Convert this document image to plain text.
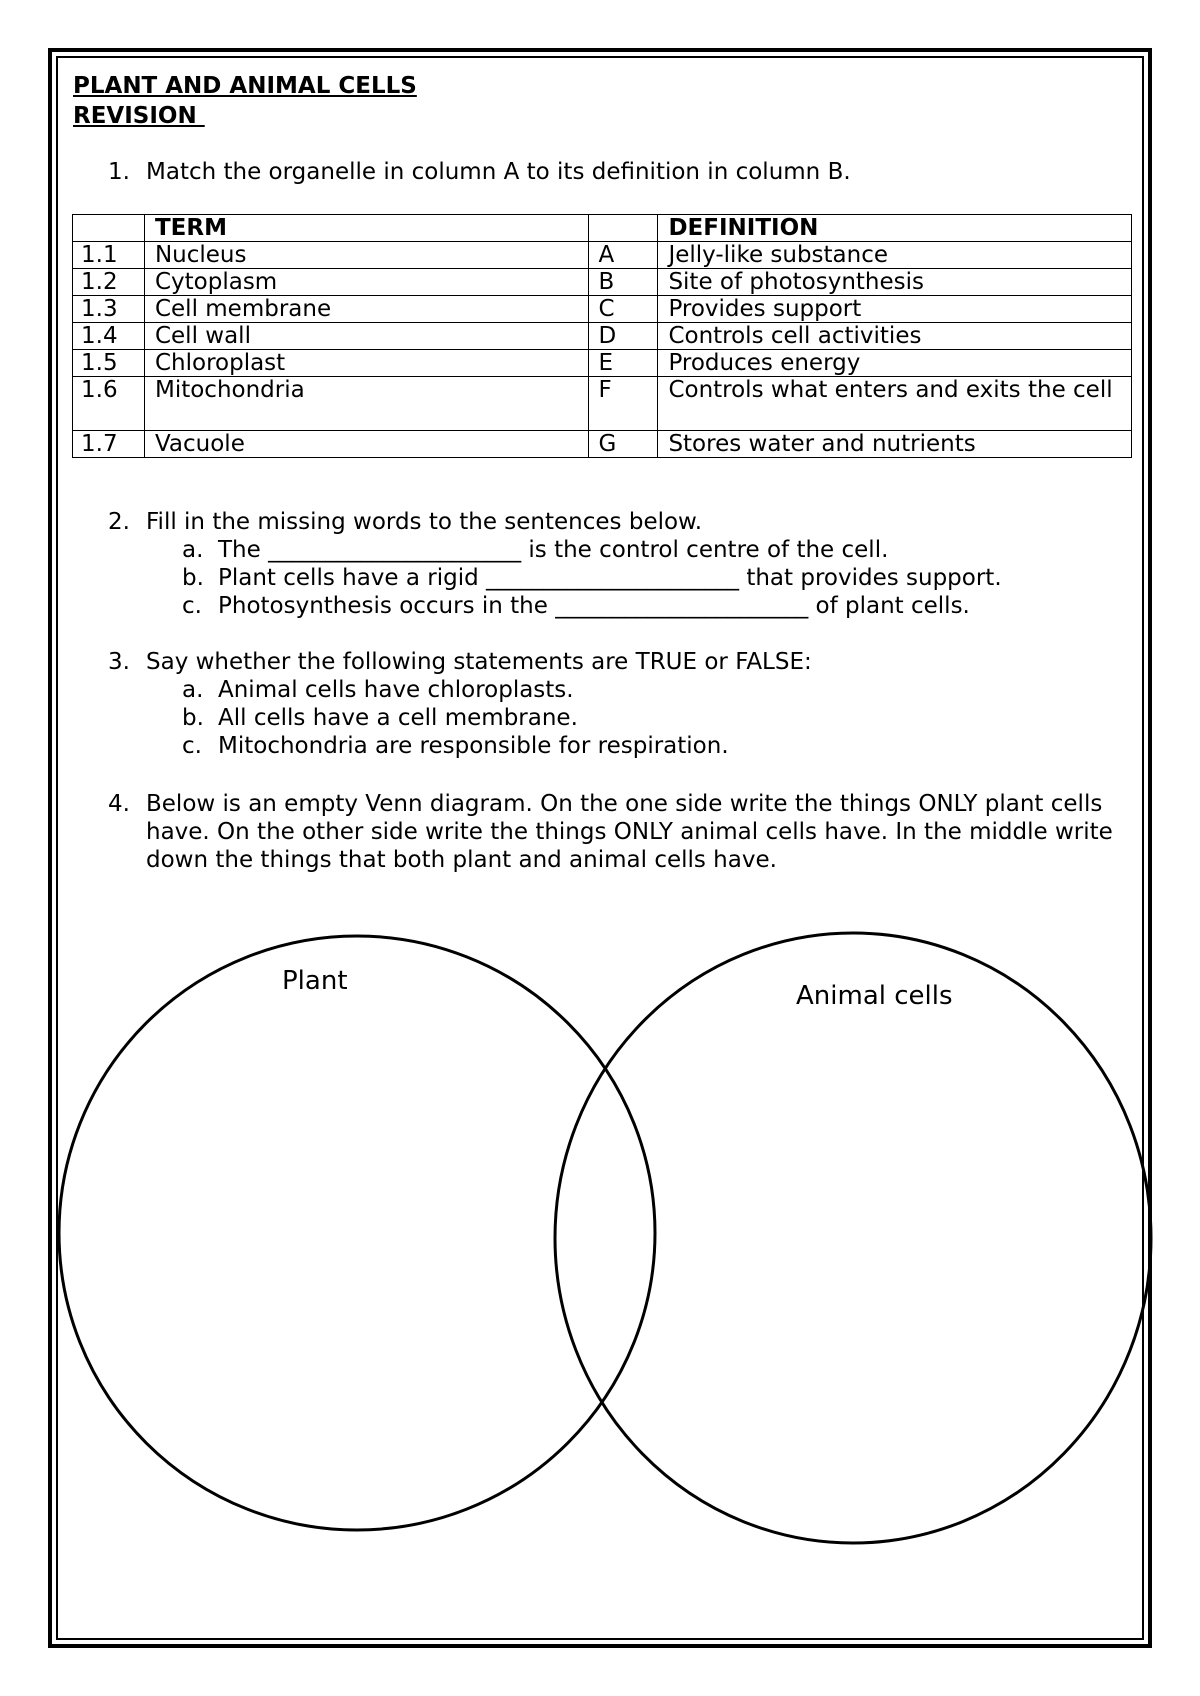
PLANT AND ANIMAL CELLS
REVISION
1. Match the organelle in column A to its definition in column B.
	TERM		DEFINITION
1.1	Nucleus	A	Jelly-like substance
1.2	Cytoplasm	B	Site of photosynthesis
1.3	Cell membrane	C	Provides support
1.4	Cell wall	D	Controls cell activities
1.5	Chloroplast	E	Produces energy
1.6	Mitochondria	F	Controls what enters and exits the cell
1.7	Vacuole	G	Stores water and nutrients
2. Fill in the missing words to the sentences below.
a. The ______________________ is the control centre of the cell.
b. Plant cells have a rigid ______________________ that provides support.
c. Photosynthesis occurs in the ______________________ of plant cells.
3. Say whether the following statements are TRUE or FALSE:
a. Animal cells have chloroplasts.
b. All cells have a cell membrane.
c. Mitochondria are responsible for respiration.
4. Below is an empty Venn diagram. On the one side write the things ONLY plant cells have. On the other side write the things ONLY animal cells have. In the middle write down the things that both plant and animal cells have.
Plant	Animal cells
